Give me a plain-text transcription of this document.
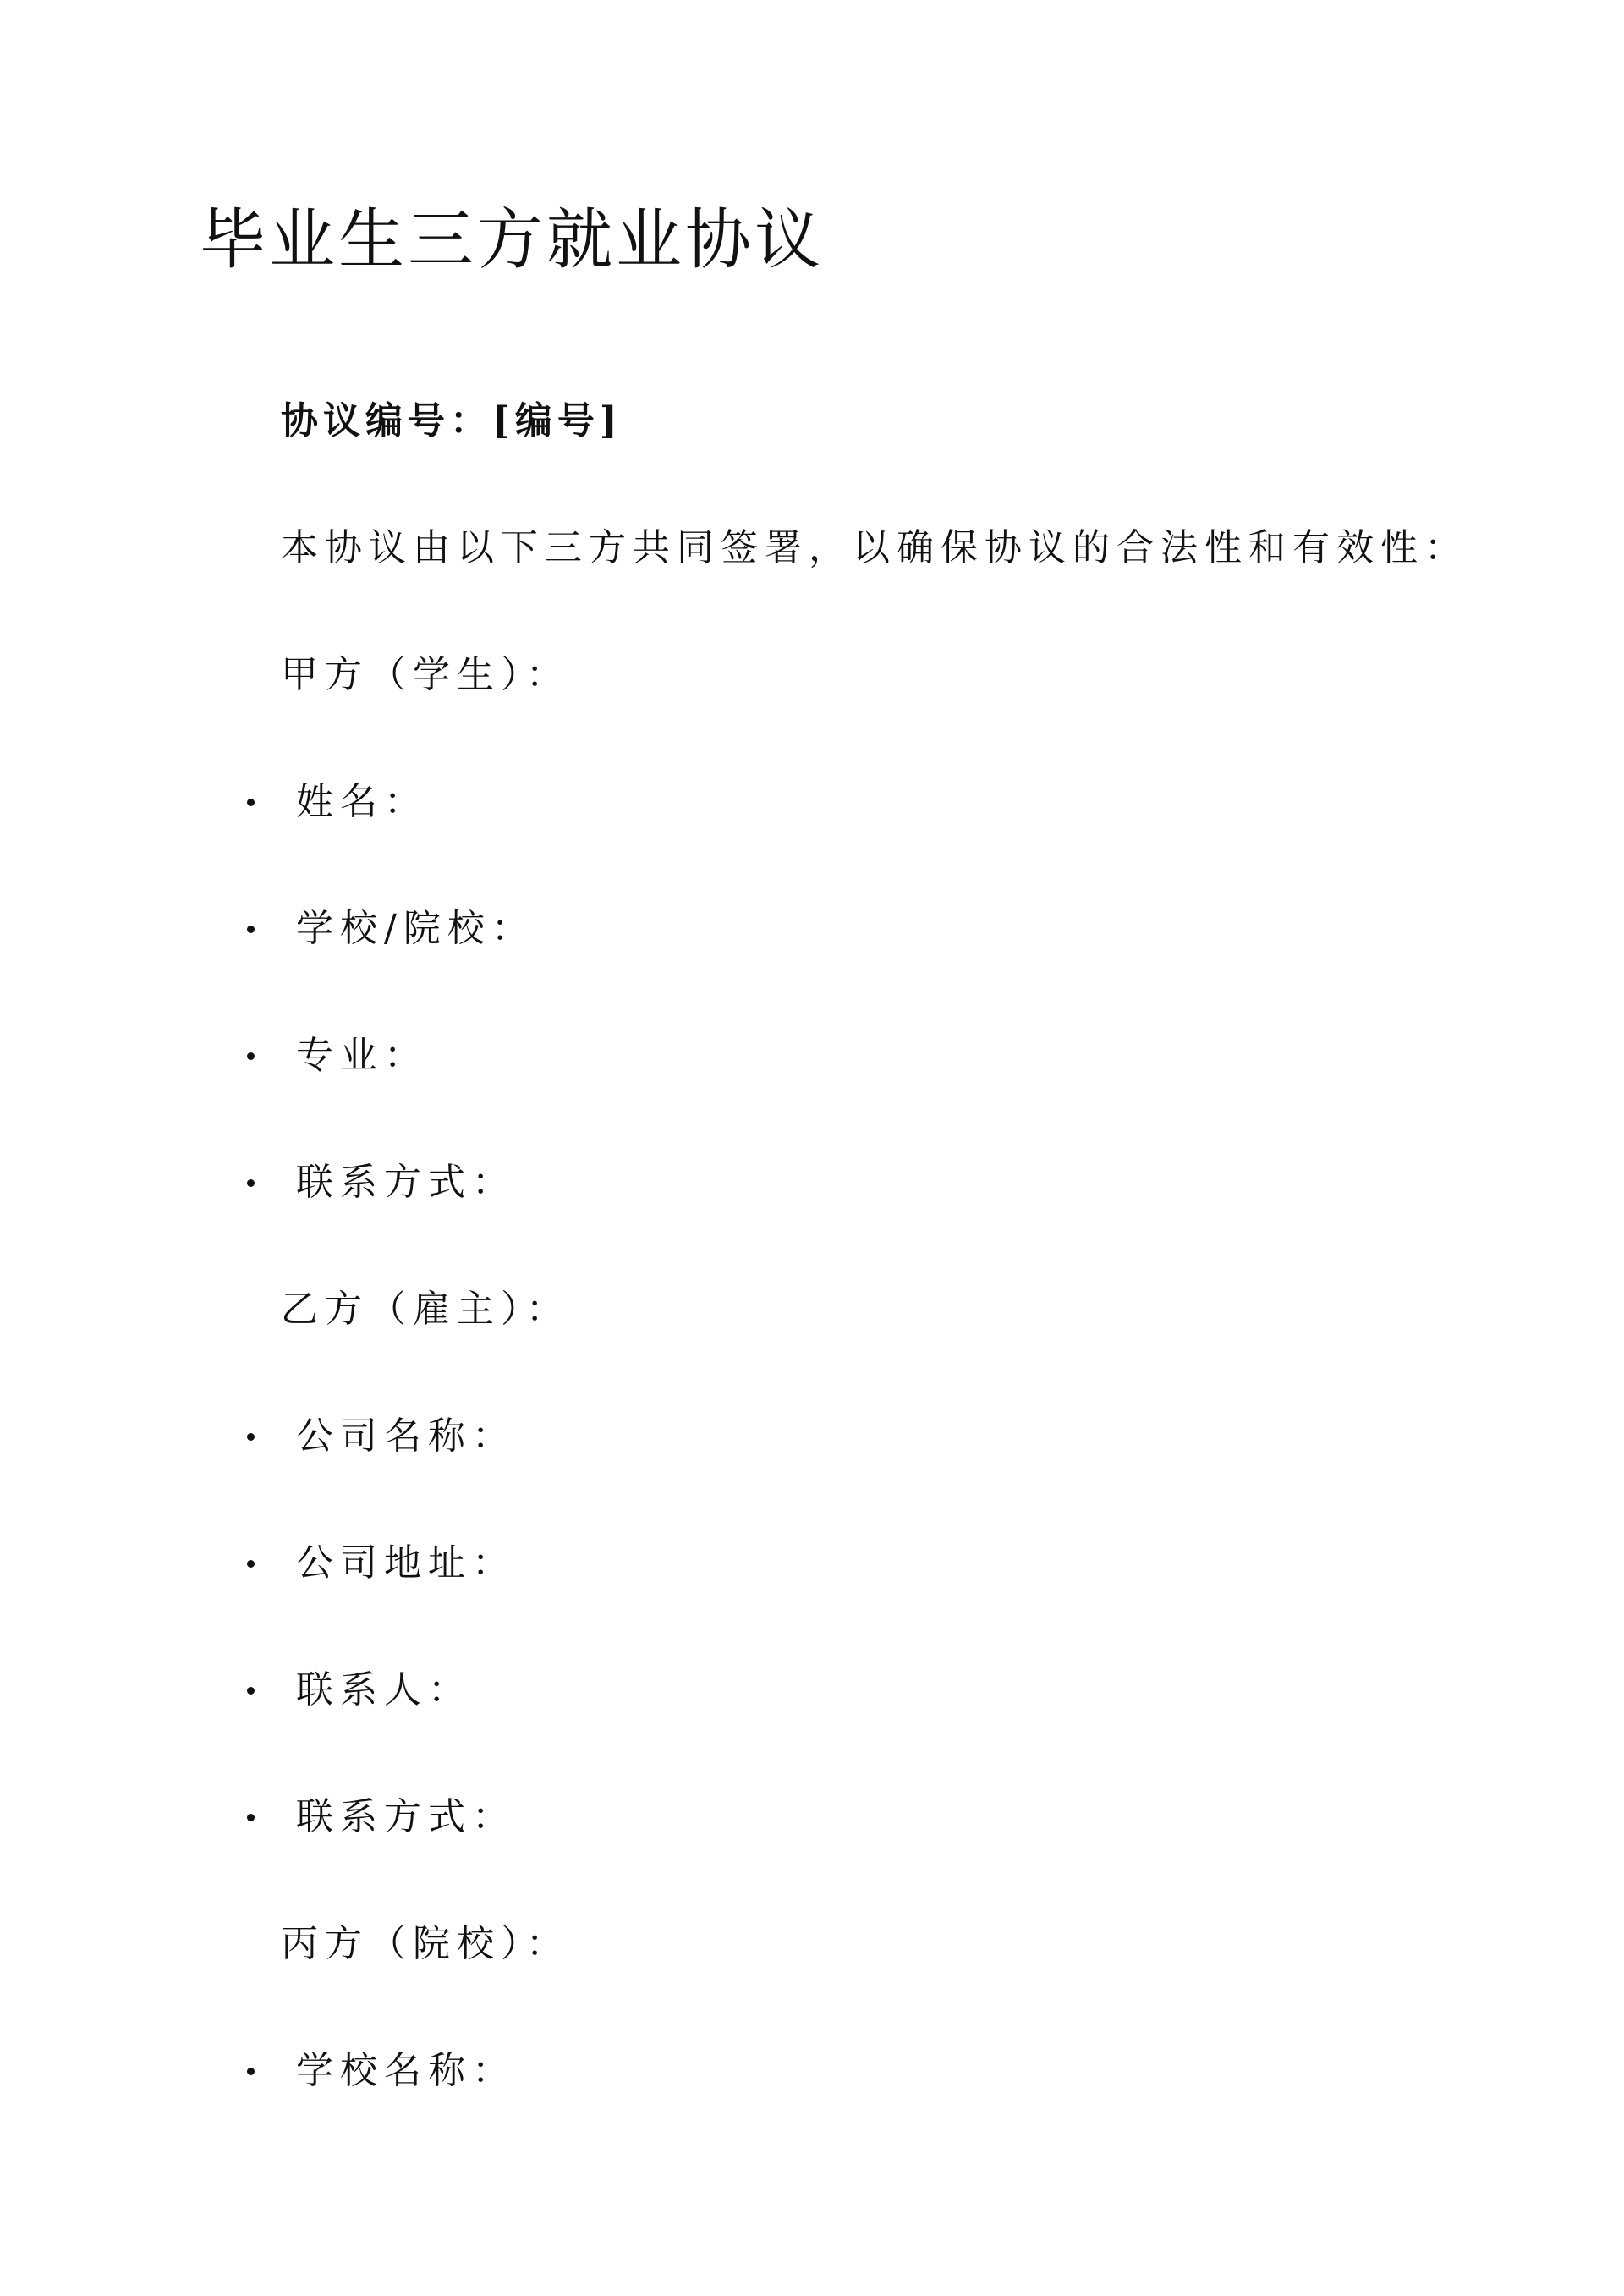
毕业生三方就业协议
协议编号：[编号]
本协议由以下三方共同签署，以确保协议的合法性和有效性：
甲方（学生）：
姓名：
学校/院校：
专业：
联系方式：
乙方（雇主）：
公司名称：
公司地址：
联系人：
联系方式：
丙方（院校）：
学校名称：
